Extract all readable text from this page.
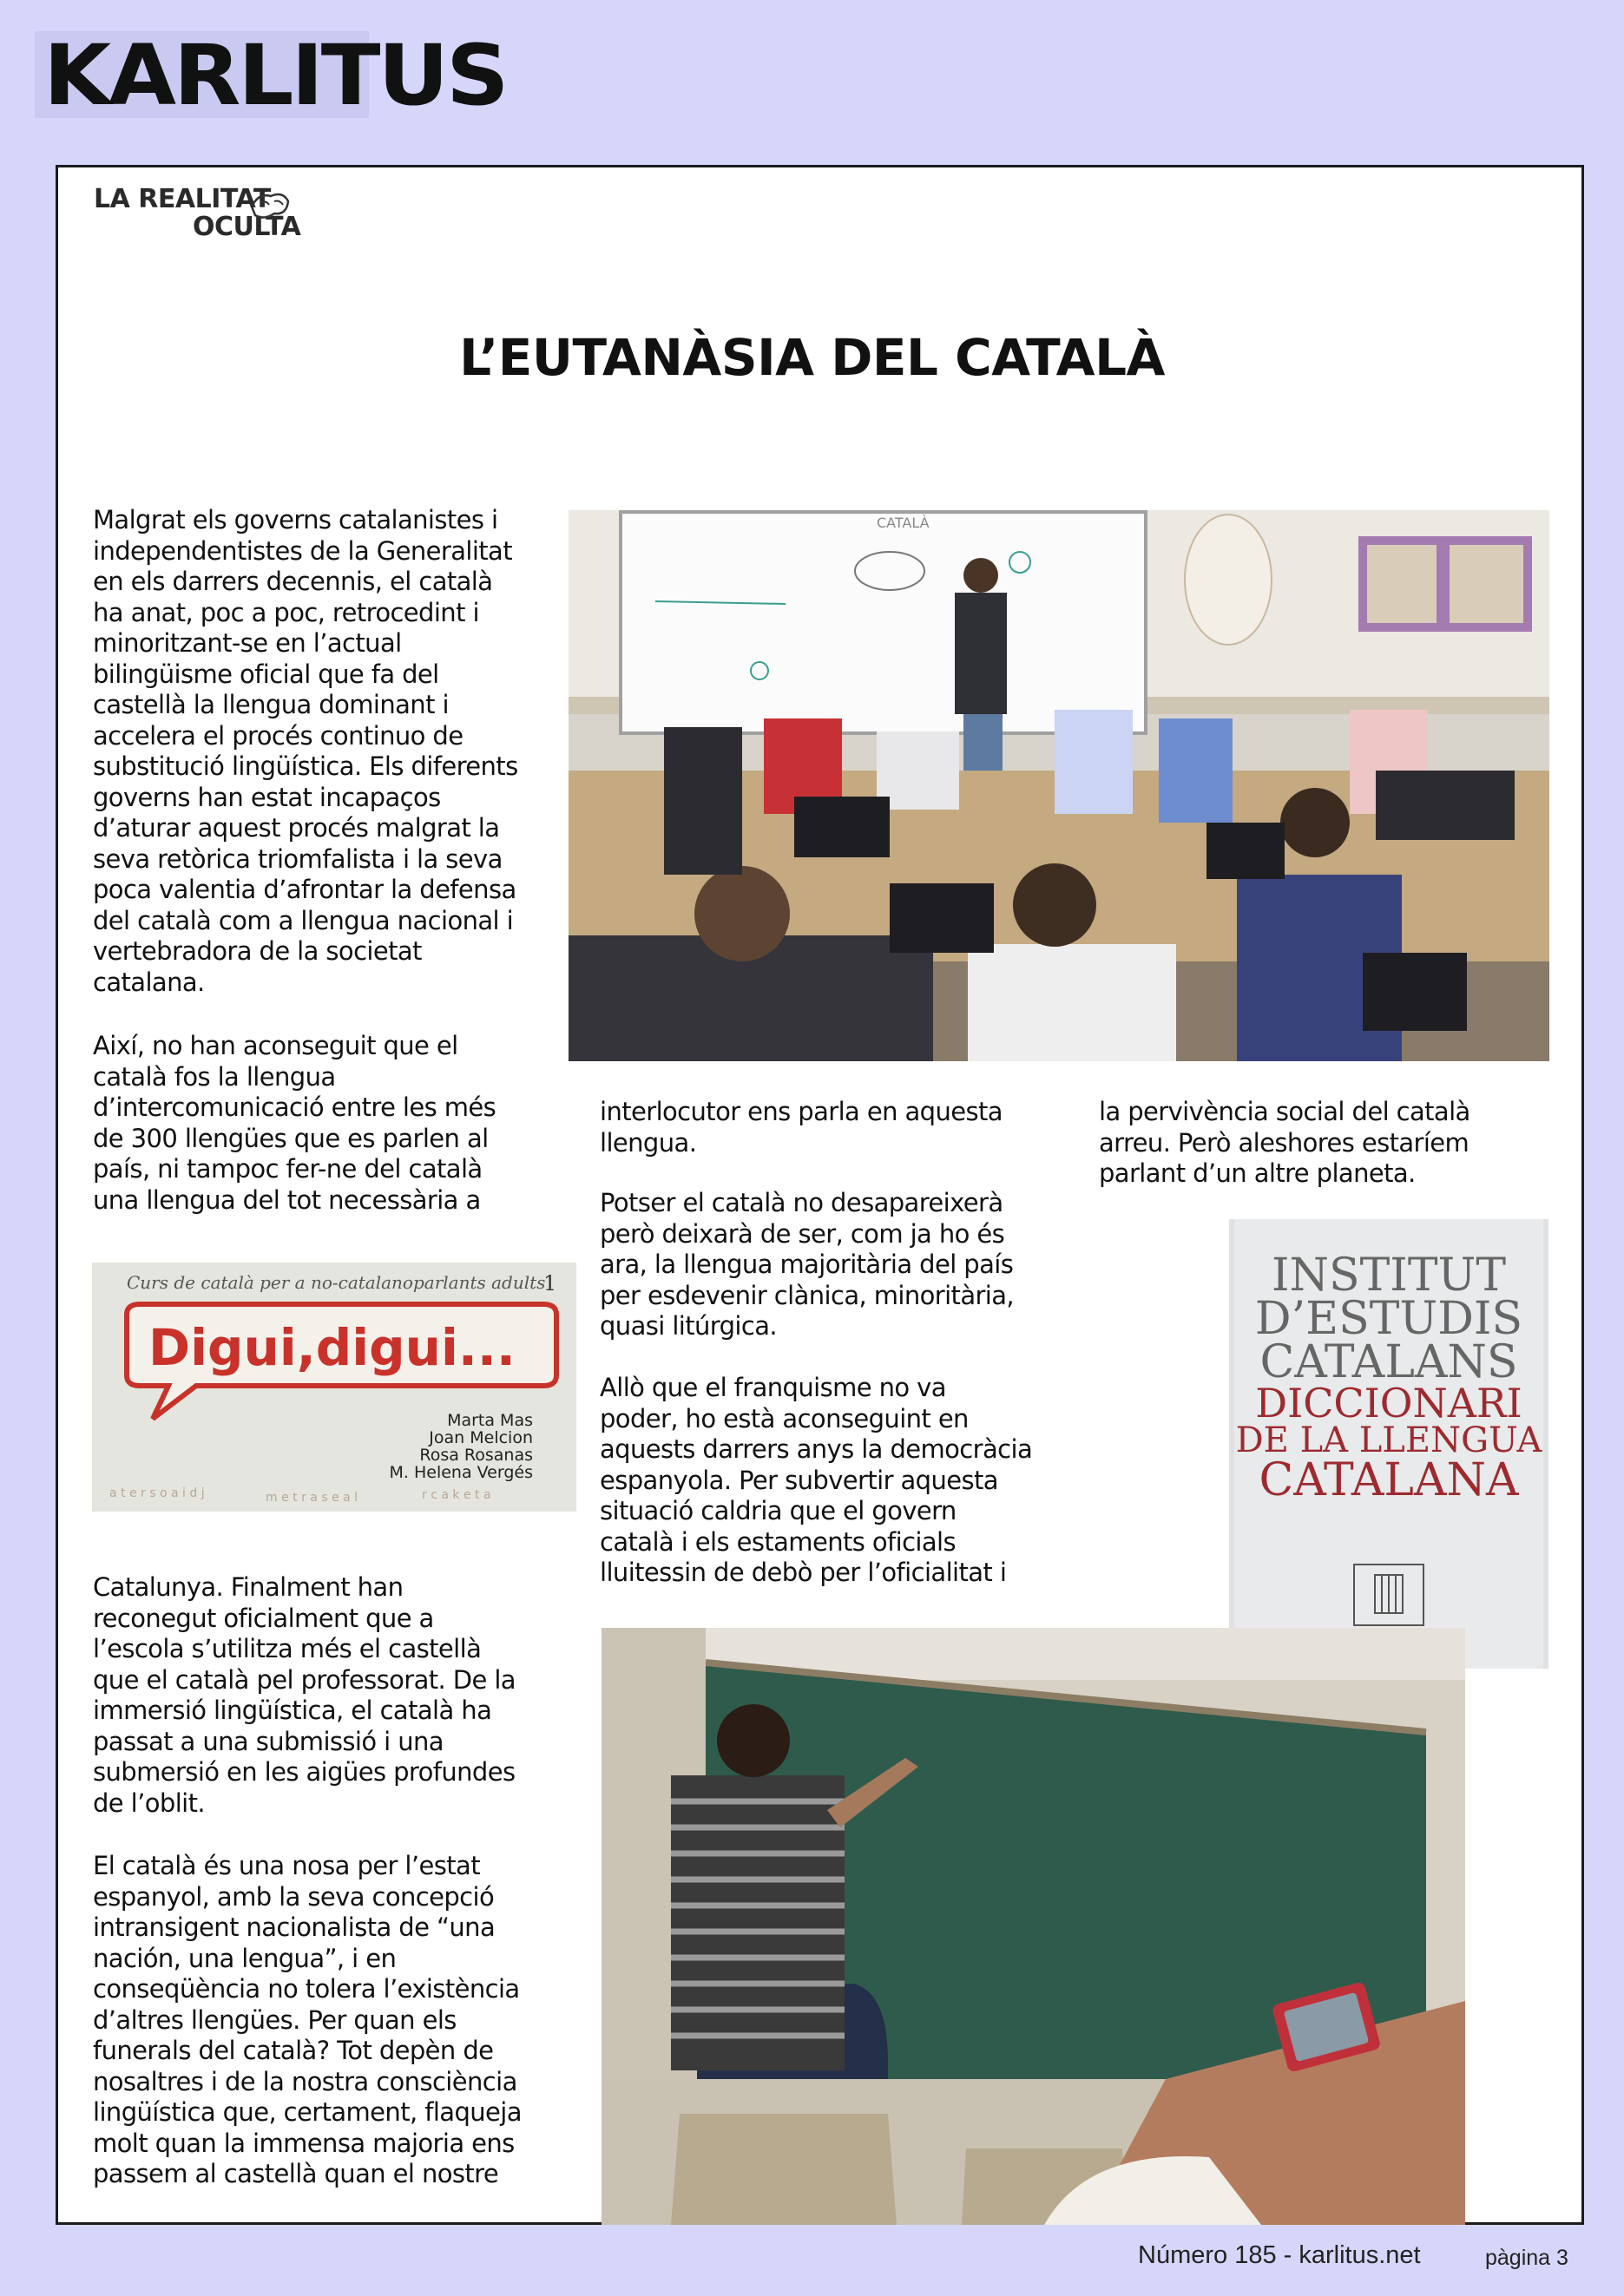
KARLITUS
LA REALITAT
OCULTA
L’EUTANÀSIA DEL CATALÀ
Malgrat els governs catalanistes i
independentistes de la Generalitat
en els darrers decennis, el català
ha anat, poc a poc, retrocedint i
minoritzant-se en l’actual
bilingüisme oficial que fa del
castellà la llengua dominant i
accelera el procés continuo de
substitució lingüística. Els diferents
governs han estat incapaços
d’aturar aquest procés malgrat la
seva retòrica triomfalista i la seva
poca valentia d’afrontar la defensa
del català com a llengua nacional i
vertebradora de la societat
catalana.
Així, no han aconseguit que el
català fos la llengua
d’intercomunicació entre les més
de 300 llengües que es parlen al
país, ni tampoc fer-ne del català
una llengua del tot necessària a
Catalunya. Finalment han
reconegut oficialment que a
l’escola s’utilitza més el castellà
que el català pel professorat. De la
immersió lingüística, el català ha
passat a una submissió i una
submersió en les aigües profundes
de l’oblit.
El català és una nosa per l’estat
espanyol, amb la seva concepció
intransigent nacionalista de “una
nación, una lengua”, i en
conseqüència no tolera l’existència
d’altres llengües. Per quan els
funerals del català? Tot depèn de
nosaltres i de la nostra consciència
lingüística que, certament, flaqueja
molt quan la immensa majoria ens
passem al castellà quan el nostre
interlocutor ens parla en aquesta
llengua.
Potser el català no desapareixerà
però deixarà de ser, com ja ho és
ara, la llengua majoritària del país
per esdevenir clànica, minoritària,
quasi litúrgica.
Allò que el franquisme no va
poder, ho està aconseguint en
aquests darrers anys la democràcia
espanyola. Per subvertir aquesta
situació caldria que el govern
català i els estaments oficials
lluitessin de debò per l’oficialitat i
la pervivència social del català
arreu. Però aleshores estaríem
parlant d’un altre planeta.
CATALÀ
Curs de català per a no-catalanoparlants adults
1
Digui,digui...
Marta Mas
Joan Melcion
Rosa Rosanas
M. Helena Vergés
a t e r s o a i d j	m e t r a s e a l	r c a k e t a
INSTITUT
D’ESTUDIS
CATALANS
DICCIONARI
DE LA LLENGUA
CATALANA
Número 185 - karlitus.net	pàgina 3
